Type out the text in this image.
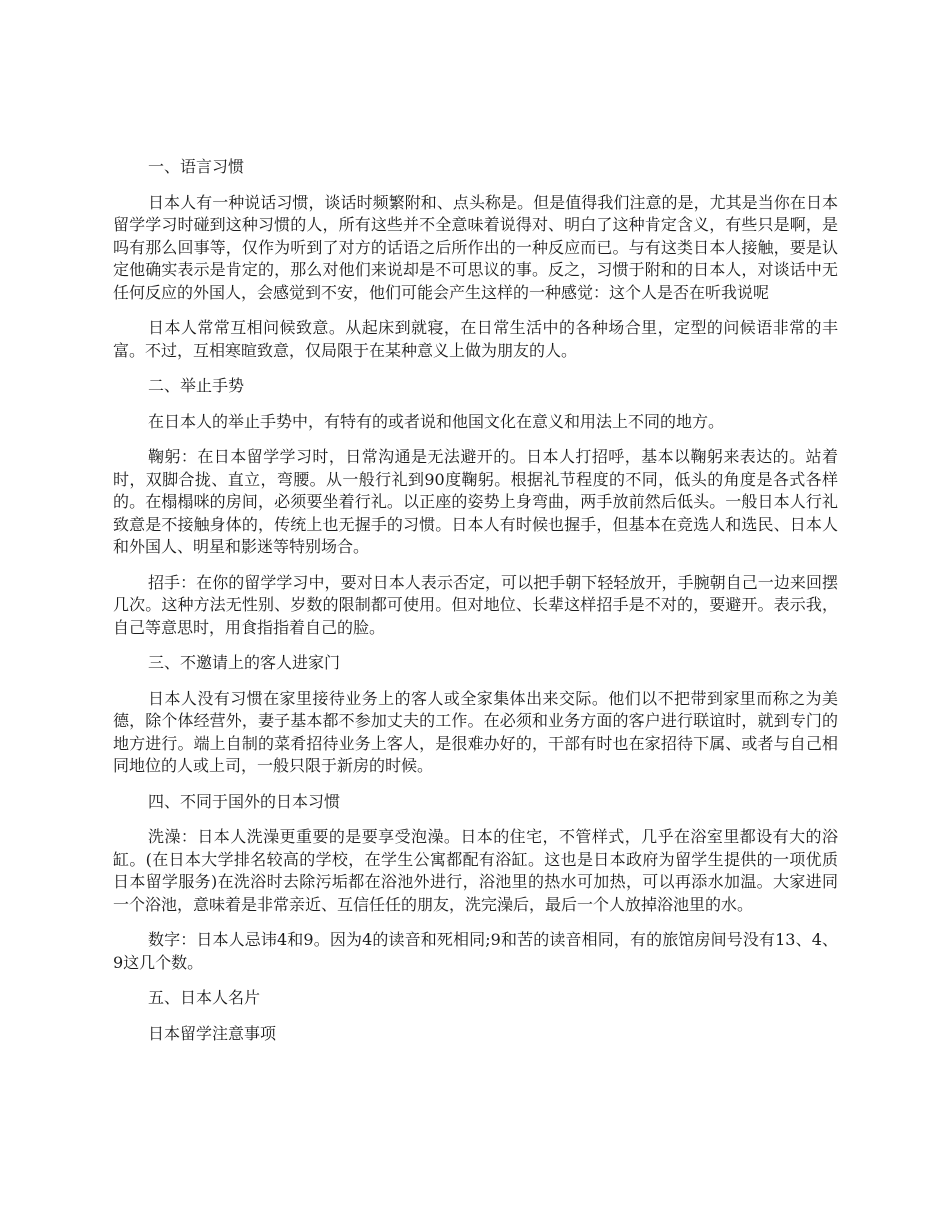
一、语言习惯

日本人有一种说话习惯，谈话时频繁附和、点头称是。但是值得我们注意的是，尤其是当你在日本留学学习时碰到这种习惯的人，所有这些并不全意味着说得对、明白了这种肯定含义，有些只是啊，是吗有那么回事等，仅作为听到了对方的话语之后所作出的一种反应而已。与有这类日本人接触，要是认定他确实表示是肯定的，那么对他们来说却是不可思议的事。反之，习惯于附和的日本人，对谈话中无任何反应的外国人，会感觉到不安，他们可能会产生这样的一种感觉：这个人是否在听我说呢

日本人常常互相问候致意。从起床到就寝，在日常生活中的各种场合里，定型的问候语非常的丰富。不过，互相寒暄致意，仅局限于在某种意义上做为朋友的人。

二、举止手势

在日本人的举止手势中，有特有的或者说和他国文化在意义和用法上不同的地方。

鞠躬：在日本留学学习时，日常沟通是无法避开的。日本人打招呼，基本以鞠躬来表达的。站着时，双脚合拢、直立，弯腰。从一般行礼到90度鞠躬。根据礼节程度的不同，低头的角度是各式各样的。在榻榻咪的房间，必须要坐着行礼。以正座的姿势上身弯曲，两手放前然后低头。一般日本人行礼致意是不接触身体的，传统上也无握手的习惯。日本人有时候也握手，但基本在竞选人和选民、日本人和外国人、明星和影迷等特别场合。

招手：在你的留学学习中，要对日本人表示否定，可以把手朝下轻轻放开，手腕朝自己一边来回摆几次。这种方法无性别、岁数的限制都可使用。但对地位、长辈这样招手是不对的，要避开。表示我，自己等意思时，用食指指着自己的脸。

三、不邀请上的客人进家门

日本人没有习惯在家里接待业务上的客人或全家集体出来交际。他们以不把带到家里而称之为美德，除个体经营外，妻子基本都不参加丈夫的工作。在必须和业务方面的客户进行联谊时，就到专门的地方进行。端上自制的菜肴招待业务上客人，是很难办好的，干部有时也在家招待下属、或者与自己相同地位的人或上司，一般只限于新房的时候。

四、不同于国外的日本习惯

洗澡：日本人洗澡更重要的是要享受泡澡。日本的住宅，不管样式，几乎在浴室里都设有大的浴缸。(在日本大学排名较高的学校，在学生公寓都配有浴缸。这也是日本政府为留学生提供的一项优质日本留学服务)在洗浴时去除污垢都在浴池外进行，浴池里的热水可加热，可以再添水加温。大家进同一个浴池，意味着是非常亲近、互信任任的朋友，洗完澡后，最后一个人放掉浴池里的水。

数字：日本人忌讳4和9。因为4的读音和死相同;9和苦的读音相同，有的旅馆房间号没有13、4、9这几个数。

五、日本人名片

日本留学注意事项
